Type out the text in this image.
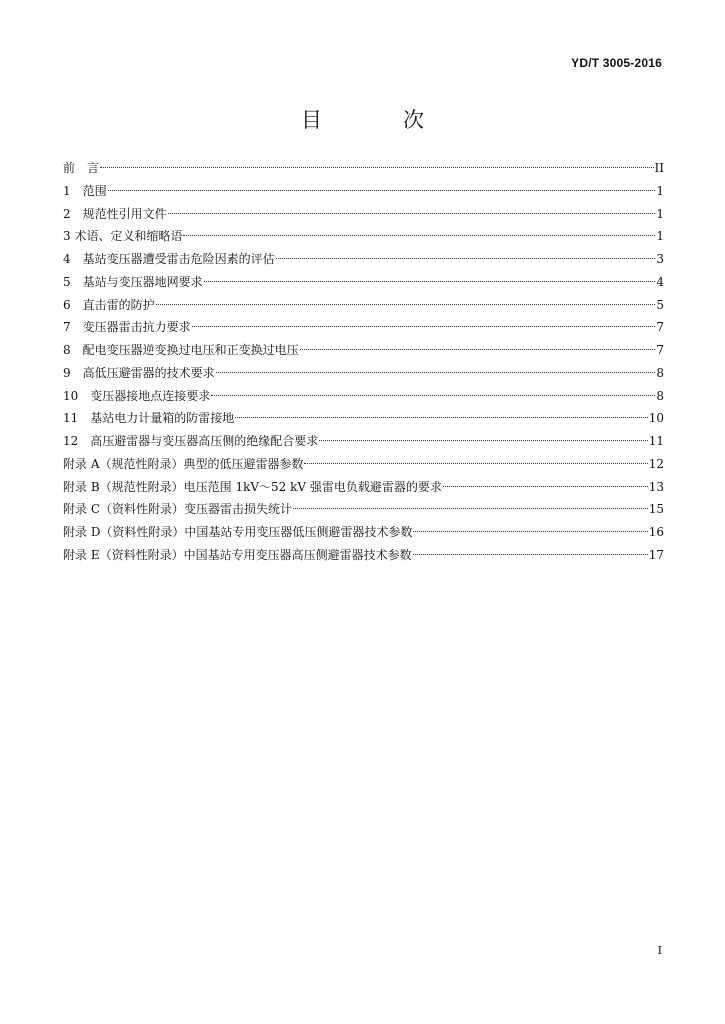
YD/T 3005-2016
目　次
前　言	II
1　范围	1
2　规范性引用文件	1
3 术语、定义和缩略语	1
4　基站变压器遭受雷击危险因素的评估	3
5　基站与变压器地网要求	4
6　直击雷的防护	5
7　变压器雷击抗力要求	7
8　配电变压器逆变换过电压和正变换过电压	7
9　高低压避雷器的技术要求	8
10　变压器接地点连接要求	8
11　基站电力计量箱的防雷接地	10
12　高压避雷器与变压器高压侧的绝缘配合要求	11
附录 A（规范性附录）典型的低压避雷器参数	12
附录 B（规范性附录）电压范围 1kV～52 kV 强雷电负载避雷器的要求	13
附录 C（资料性附录）变压器雷击损失统计	15
附录 D（资料性附录）中国基站专用变压器低压侧避雷器技术参数	16
附录 E（资料性附录）中国基站专用变压器高压侧避雷器技术参数	17
I
